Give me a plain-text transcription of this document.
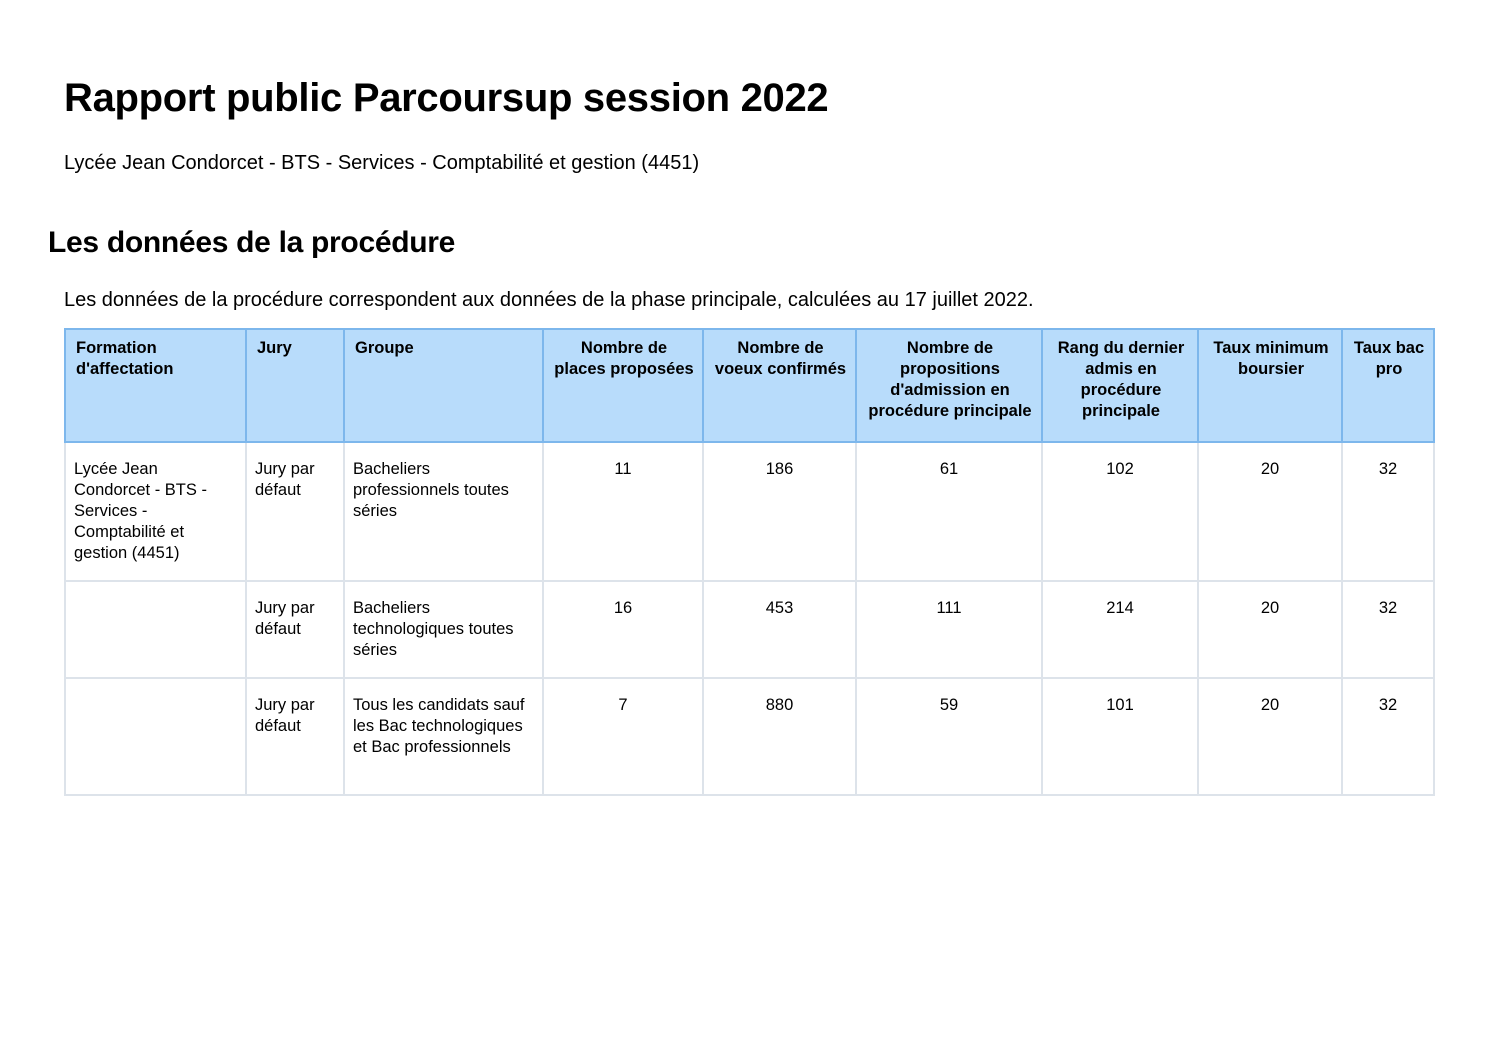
Rapport public Parcoursup session 2022

Lycée Jean Condorcet - BTS - Services - Comptabilité et gestion (4451)

Les données de la procédure

Les données de la procédure correspondent aux données de la phase principale, calculées au 17 juillet 2022.

Formation d'affectation	Jury	Groupe	Nombre de places proposées	Nombre de voeux confirmés	Nombre de propositions d'admission en procédure principale	Rang du dernier admis en procédure principale	Taux minimum boursier	Taux bac pro
Lycée Jean Condorcet - BTS - Services - Comptabilité et gestion (4451)	Jury par défaut	Bacheliers professionnels toutes séries	11	186	61	102	20	32
	Jury par défaut	Bacheliers technologiques toutes séries	16	453	111	214	20	32
	Jury par défaut	Tous les candidats sauf les Bac technologiques et Bac professionnels	7	880	59	101	20	32
